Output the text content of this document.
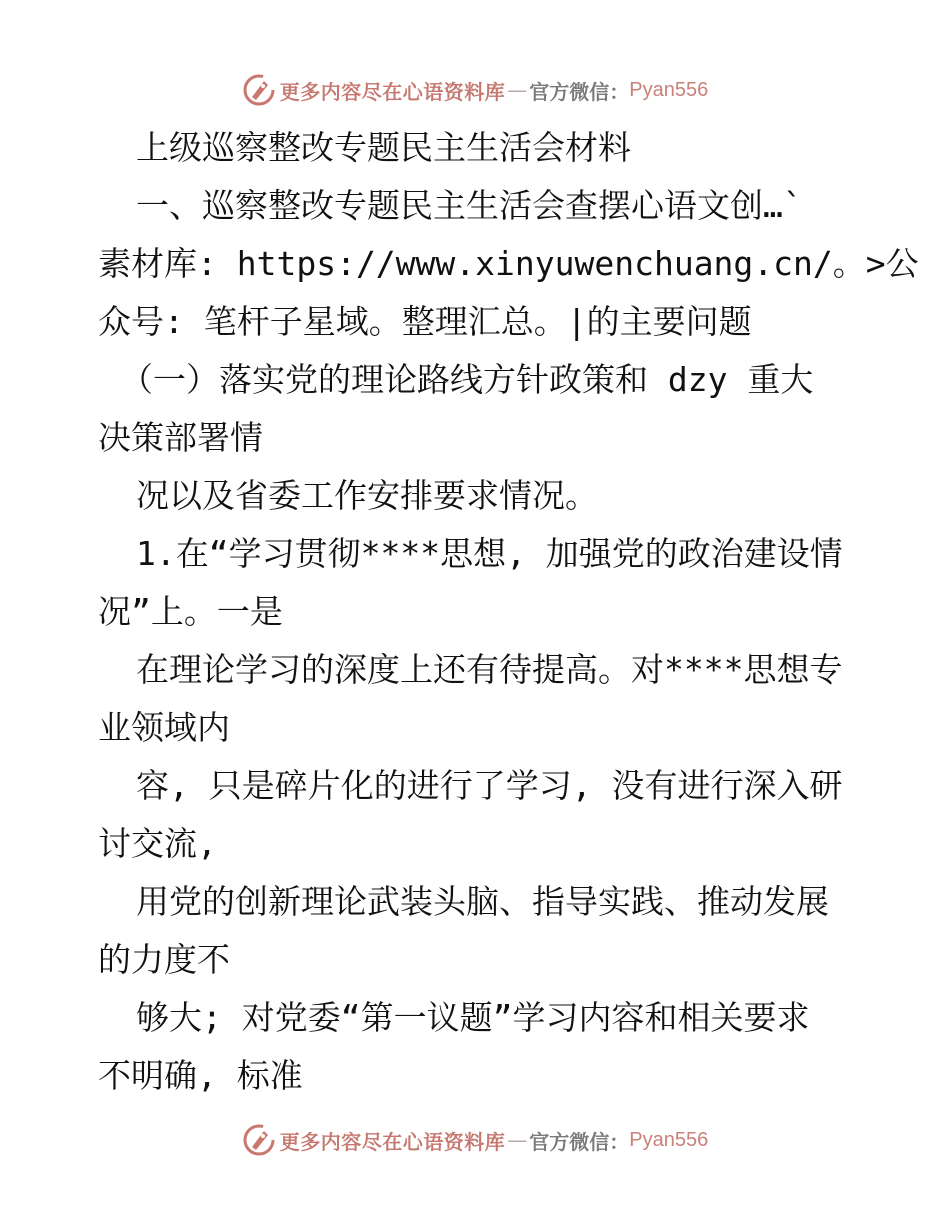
更多内容尽在心语资料库 — 官方微信： Pyan556
上级巡察整改专题民主生活会材料
一、巡察整改专题民主生活会查摆心语文创…`
素材库: https://www.xinyuwenchuang.cn/。>公
众号: 笔杆子星域。整理汇总。|的主要问题
（一）落实党的理论路线方针政策和 dzy 重大
决策部署情
况以及省委工作安排要求情况。
1.在“学习贯彻****思想, 加强党的政治建设情
况”上。一是
在理论学习的深度上还有待提高。对****思想专
业领域内
容, 只是碎片化的进行了学习, 没有进行深入研
讨交流,
用党的创新理论武装头脑、指导实践、推动发展
的力度不
够大; 对党委“第一议题”学习内容和相关要求
不明确, 标准
更多内容尽在心语资料库 — 官方微信： Pyan556
